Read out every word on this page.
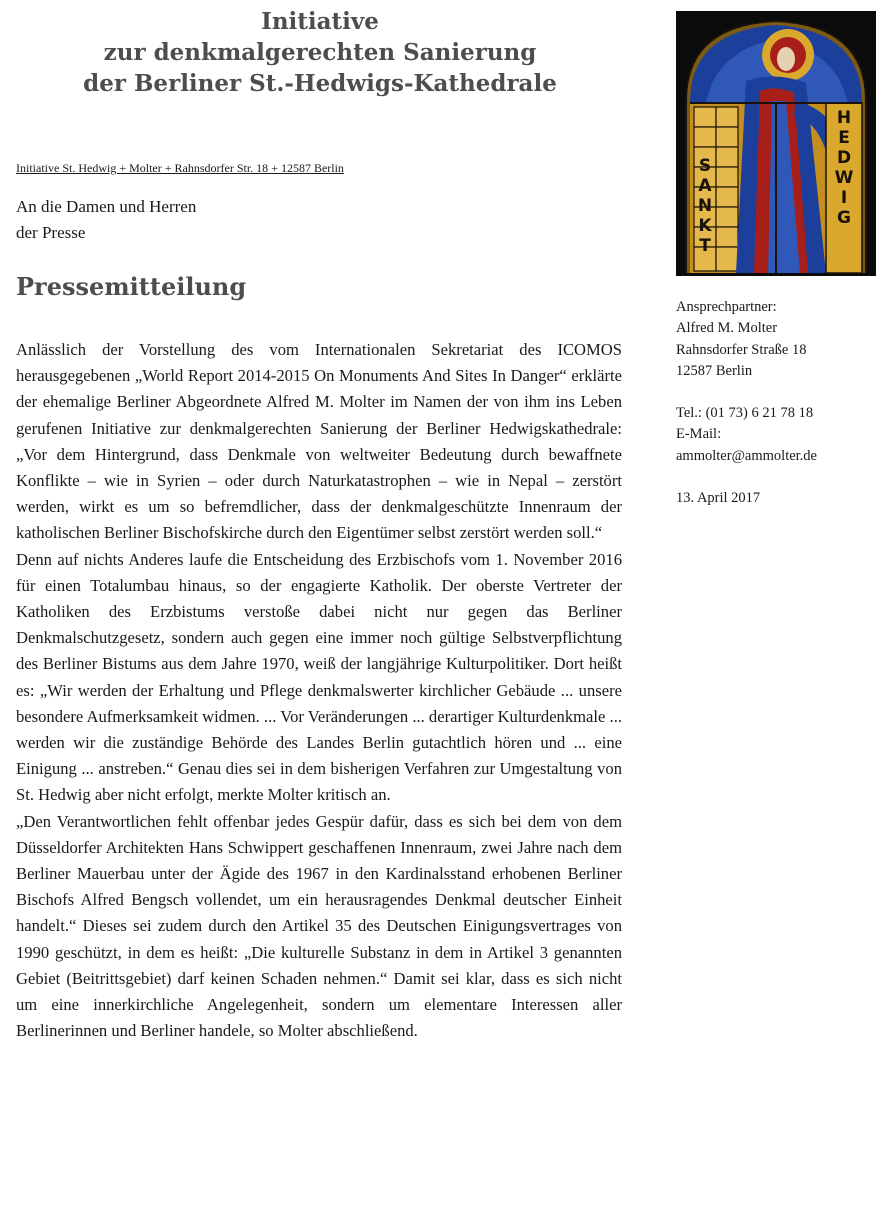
Initiative
zur denkmalgerechten Sanierung
der Berliner St.-Hedwigs-Kathedrale
Initiative St. Hedwig + Molter + Rahnsdorfer Str. 18 + 12587 Berlin
An die Damen und Herren
der Presse
Pressemitteilung

Anlässlich der Vorstellung des vom Internationalen Sekretariat des ICOMOS herausgegebenen „World Report 2014-2015 On Monuments And Sites In Danger“ erklärte der ehemalige Berliner Abgeordnete Alfred M. Molter im Namen der von ihm ins Leben gerufenen Initiative zur denkmalgerechten Sanierung der Berliner Hedwigskathedrale: „Vor dem Hintergrund, dass Denkmale von weltweiter Bedeutung durch bewaffnete Konflikte – wie in Syrien – oder durch Naturkatastrophen – wie in Nepal – zerstört werden, wirkt es um so befremdlicher, dass der denkmalgeschützte Innenraum der katholischen Berliner Bischofskirche durch den Eigentümer selbst zerstört werden soll.“

Denn auf nichts Anderes laufe die Entscheidung des Erzbischofs vom 1. November 2016 für einen Totalumbau hinaus, so der engagierte Katholik. Der oberste Vertreter der Katholiken des Erzbistums verstoße dabei nicht nur gegen das Berliner Denkmalschutzgesetz, sondern auch gegen eine immer noch gültige Selbstverpflichtung des Berliner Bistums aus dem Jahre 1970, weiß der langjährige Kulturpolitiker. Dort heißt es: „Wir werden der Erhaltung und Pflege denkmalswerter kirchlicher Gebäude ... unsere besondere Aufmerksamkeit widmen. ... Vor Veränderungen ... derartiger Kulturdenkmale ... werden wir die zuständige Behörde des Landes Berlin gutachtlich hören und ... eine Einigung ... anstreben.“ Genau dies sei in dem bisherigen Verfahren zur Umgestaltung von St. Hedwig aber nicht erfolgt, merkte Molter kritisch an.

„Den Verantwortlichen fehlt offenbar jedes Gespür dafür, dass es sich bei dem von dem Düsseldorfer Architekten Hans Schwippert geschaffenen Innenraum, zwei Jahre nach dem Berliner Mauerbau unter der Ägide des 1967 in den Kardinalsstand erhobenen Berliner Bischofs Alfred Bengsch vollendet, um ein herausragendes Denkmal deutscher Einheit handelt.“ Dieses sei zudem durch den Artikel 35 des Deutschen Einigungsvertrages von 1990 geschützt, in dem es heißt: „Die kulturelle Substanz in dem in Artikel 3 genannten Gebiet (Beitrittsgebiet) darf keinen Schaden nehmen.“ Damit sei klar, dass es sich nicht um eine innerkirchliche Angelegenheit, sondern um elementare Interessen aller Berlinerinnen und Berliner handele, so Molter abschließend.

S
A
N
K
T
H
E
D
W
I
G
Ansprechpartner:
Alfred M. Molter
Rahnsdorfer Straße 18
12587 Berlin
Tel.: (01 73) 6 21 78 18
E-Mail:
ammolter@ammolter.de
13. April 2017
